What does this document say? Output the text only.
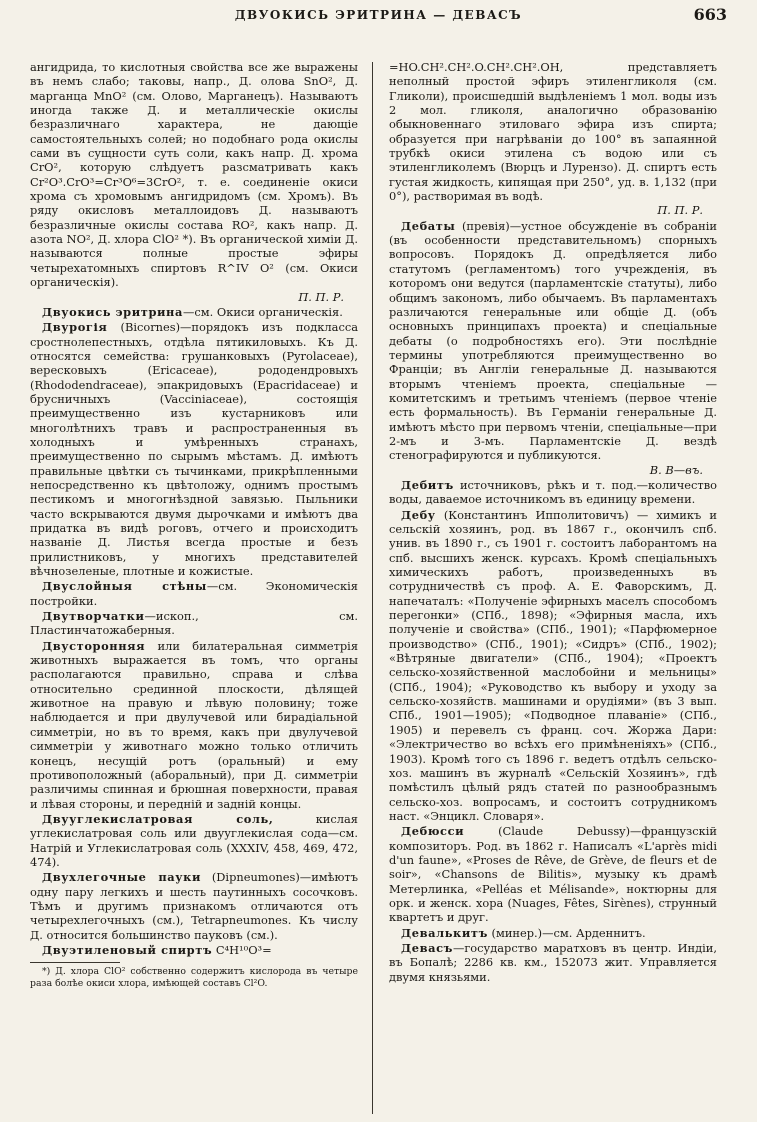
ДВУОКИСЬ ЭРИТРИНА — ДЕВАСЪ	663

ангидрида, то кислотныя свойства все же выражены въ немъ слабо; таковы, напр., Д. олова SnO², Д. марганца MnO² (см. Олово, Марганецъ). Называютъ иногда также Д. и металлическіе окислы безразличнаго характера, не дающіе самостоятельныхъ солей; но подобнаго рода окислы сами въ сущности суть соли, какъ напр. Д. хрома CrO², которую слѣдуетъ разсматривать какъ Cr²O³.CrO³=Cr³O⁶=3CrO², т. е. соединеніе окиси хрома съ хромовымъ ангидридомъ (см. Хромъ). Въ ряду окисловъ металлоидовъ Д. называютъ безразличные окислы состава RO², какъ напр. Д. азота NO², Д. хлора ClO² *). Въ органической химіи Д. называются полные простые эфиры четырехатомныхъ спиртовъ R^IV O² (см. Окиси органическія).
П. П. Р.

Двуокись эритрина—см. Окиси органическія.

Двурогія (Bicornes)—порядокъ изъ подкласса сростнолепестныхъ, отдѣла пятикиловыхъ. Къ Д. относятся семейства: грушанковыхъ (Pyrolaceae), вересковыхъ (Ericaceae), рододендровыхъ (Rhododendraceae), эпакридовыхъ (Epacridaceae) и брусничныхъ (Vacciniaceae), состоящія преимущественно изъ кустарниковъ или многолѣтнихъ травъ и распространенныя въ холодныхъ и умѣренныхъ странахъ, преимущественно по сырымъ мѣстамъ. Д. имѣютъ правильные цвѣтки съ тычинками, прикрѣпленными непосредственно къ цвѣтоложу, однимъ простымъ пестикомъ и многогнѣздной завязью. Пыльники часто вскрываются двумя дырочками и имѣютъ два придатка въ видѣ роговъ, отчего и происходитъ названіе Д. Листья всегда простые и безъ прилистниковъ, у многихъ представителей вѣчнозеленые, плотные и кожистые.

Двуслойныя стѣны—см. Экономическія постройки.

Двутворчатки—ископ., см. Пластинчатожаберныя.

Двусторонняя или билатеральная симметрія животныхъ выражается въ томъ, что органы располагаются правильно, справа и слѣва относительно срединной плоскости, дѣлящей животное на правую и лѣвую половину; тоже наблюдается и при двулучевой или бирадіальной симметріи, но въ то время, какъ при двулучевой симметріи у животнаго можно только отличить конецъ, несущій ротъ (оральный) и ему противоположный (аборальный), при Д. симметріи различимы спинная и брюшная поверхности, правая и лѣвая стороны, и передній и задній концы.

Двууглекислатровая соль,	кислая углекислатровая соль или двууглекислая сода—см. Натрій и Углекислатровая соль (XXXIV, 458, 469, 472, 474).

Двухлегочные пауки (Dipneumones)—имѣютъ одну пару легкихъ и шесть паутинныхъ сосочковъ. Тѣмъ и другимъ признакомъ отличаются отъ четырехлегочныхъ (см.), Tetrapneumones. Къ числу Д. относится большинство пауковъ (см.).

Двуэтиленовый спиртъ C⁴H¹⁰O³=

*) Д. хлора ClO² собственно содержитъ кислорода въ четыре раза болѣе окиси хлора, имѣющей составъ Cl²O.

=HO.CH².CH².O.CH².CH².OH, представляетъ неполный простой эфиръ этиленгликоля (см. Гликоли), происшедшій выдѣленіемъ 1 мол. воды изъ 2 мол. гликоля, аналогично образованію обыкновеннаго этиловаго эфира изъ спирта; образуется при нагрѣваніи до 100° въ запаянной трубкѣ окиси этилена съ водою или съ этиленгликолемъ (Вюрцъ и Лурензо). Д. спиртъ есть густая жидкость, кипящая при 250°, уд. в. 1,132 (при 0°), растворимая въ водѣ.
П. П. Р.

Дебаты (превія)—устное обсужденіе въ собраніи (въ особенности представительномъ) спорныхъ вопросовъ. Порядокъ Д. опредѣляется либо статутомъ (регламентомъ) того учрежденія, въ которомъ они ведутся (парламентскіе статуты), либо общимъ закономъ, либо обычаемъ. Въ парламентахъ различаются генеральные или общіе Д. (объ основныхъ принципахъ проекта) и спеціальные дебаты (о подробностяхъ его). Эти послѣдніе термины употребляются преимущественно во Франціи; въ Англіи генеральные Д. называются вторымъ чтеніемъ проекта, спеціальные — комитетскимъ и третьимъ чтеніемъ (первое чтеніе есть формальность). Въ Германіи генеральные Д. имѣютъ мѣсто при первомъ чтеніи, спеціальные—при 2-мъ и 3-мъ. Парламентскіе Д. вездѣ стенографируются и публикуются.
В. В—въ.

Дебитъ источниковъ, рѣкъ и т. под.—количество воды, даваемое источникомъ въ единицу времени.

Дебу (Константинъ Ипполитовичъ) — химикъ и сельскій хозяинъ, род. въ 1867 г., окончилъ спб. унив. въ 1890 г., съ 1901 г. состоитъ лаборантомъ на спб. высшихъ женск. курсахъ. Кромѣ спеціальныхъ химическихъ работъ, произведенныхъ въ сотрудничествѣ съ проф. А. Е. Фаворскимъ, Д. напечаталъ: «Полученіе эфирныхъ маселъ способомъ перегонки» (СПб., 1898); «Эфирныя масла, ихъ полученіе и свойства» (СПб., 1901); «Парфюмерное производство» (СПб., 1901); «Сидръ» (СПб., 1902); «Вѣтряные двигатели» (СПб., 1904); «Проектъ сельско-хозяйственной маслобойни и мельницы» (СПб., 1904); «Руководство къ выбору и уходу за сельско-хозяйств. машинами и орудіями» (въ 3 вып. СПб., 1901—1905); «Подводное плаваніе» (СПб., 1905) и перевелъ съ франц. соч. Жоржа Дари: «Электричество во всѣхъ его примѣненіяхъ» (СПб., 1903). Кромѣ того съ 1896 г. ведетъ отдѣлъ сельско-хоз. машинъ въ журналѣ «Сельскій Хозяинъ», гдѣ помѣстилъ цѣлый рядъ статей по разнообразнымъ сельско-хоз. вопросамъ, и состоитъ сотрудникомъ наст. «Энцикл. Словаря».

Дебюсси	(Claude Debussy)—французскій композиторъ. Род. въ 1862 г. Написалъ «L'après midi d'un faune», «Proses de Rêve, de Grève, de fleurs et de soir», «Chansons de Bilitis», музыку къ драмѣ Метерлинка, «Pelléas et Mélisande», ноктюрны для орк. и женск. хора (Nuages, Fêtes, Sirènes), струнный квартетъ и друг.

Девалькитъ (минер.)—см. Арденнитъ.

Девасъ—государство маратховъ въ центр. Индіи, въ Бопалѣ; 2286 кв. км., 152073 жит. Управляется двумя князьями.
